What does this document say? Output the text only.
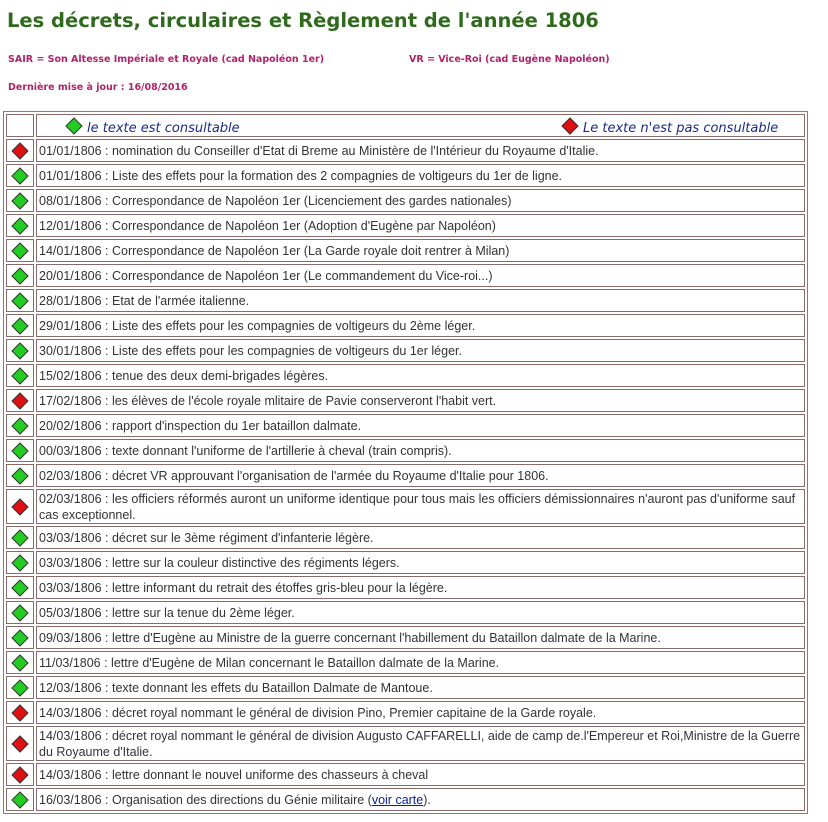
Les décrets, circulaires et Règlement de l'année 1806
SAIR = Son Altesse Impériale et Royale (cad Napoléon 1er)	VR = Vice-Roi (cad Eugène Napoléon)
Dernière mise à jour : 16/08/2016

	le texte est consultable Le texte n'est pas consultable

	01/01/1806 : nomination du Conseiller d'Etat di Breme au Ministère de l'Intérieur du Royaume d'Italie.

	01/01/1806 : Liste des effets pour la formation des 2 compagnies de voltigeurs du 1er de ligne.

	08/01/1806 : Correspondance de Napoléon 1er (Licenciement des gardes nationales)

	12/01/1806 : Correspondance de Napoléon 1er (Adoption d'Eugène par Napoléon)

	14/01/1806 : Correspondance de Napoléon 1er (La Garde royale doit rentrer à Milan)

	20/01/1806 : Correspondance de Napoléon 1er (Le commandement du Vice-roi...)

	28/01/1806 : Etat de l'armée italienne.

	29/01/1806 : Liste des effets pour les compagnies de voltigeurs du 2ème léger.

	30/01/1806 : Liste des effets pour les compagnies de voltigeurs du 1er léger.

	15/02/1806 : tenue des deux demi-brigades légères.

	17/02/1806 : les élèves de l'école royale mlitaire de Pavie conserveront l'habit vert.

	20/02/1806 : rapport d'inspection du 1er bataillon dalmate.

	00/03/1806 : texte donnant l'uniforme de l'artillerie à cheval (train compris).

	02/03/1806 : décret VR approuvant l'organisation de l'armée du Royaume d'Italie pour 1806.

	02/03/1806 : les officiers réformés auront un uniforme identique pour tous mais les officiers démissionnaires n'auront pas d'uniforme sauf cas exceptionnel.

	03/03/1806 : décret sur le 3ème régiment d'infanterie légère.

	03/03/1806 : lettre sur la couleur distinctive des régiments légers.

	03/03/1806 : lettre informant du retrait des étoffes gris-bleu pour la légère.

	05/03/1806 : lettre sur la tenue du 2ème léger.

	09/03/1806 : lettre d'Eugène au Ministre de la guerre concernant l'habillement du Bataillon dalmate de la Marine.

	11/03/1806 : lettre d'Eugène de Milan concernant le Bataillon dalmate de la Marine.

	12/03/1806 : texte donnant les effets du Bataillon Dalmate de Mantoue.

	14/03/1806 : décret royal nommant le général de division Pino, Premier capitaine de la Garde royale.

	14/03/1806 : décret royal nommant le général de division Augusto CAFFARELLI, aide de camp de.l'Empereur et Roi,Ministre de la Guerre du Royaume d'Italie.

	14/03/1806 : lettre donnant le nouvel uniforme des chasseurs à cheval

	16/03/1806 : Organisation des directions du Génie militaire (voir carte).
